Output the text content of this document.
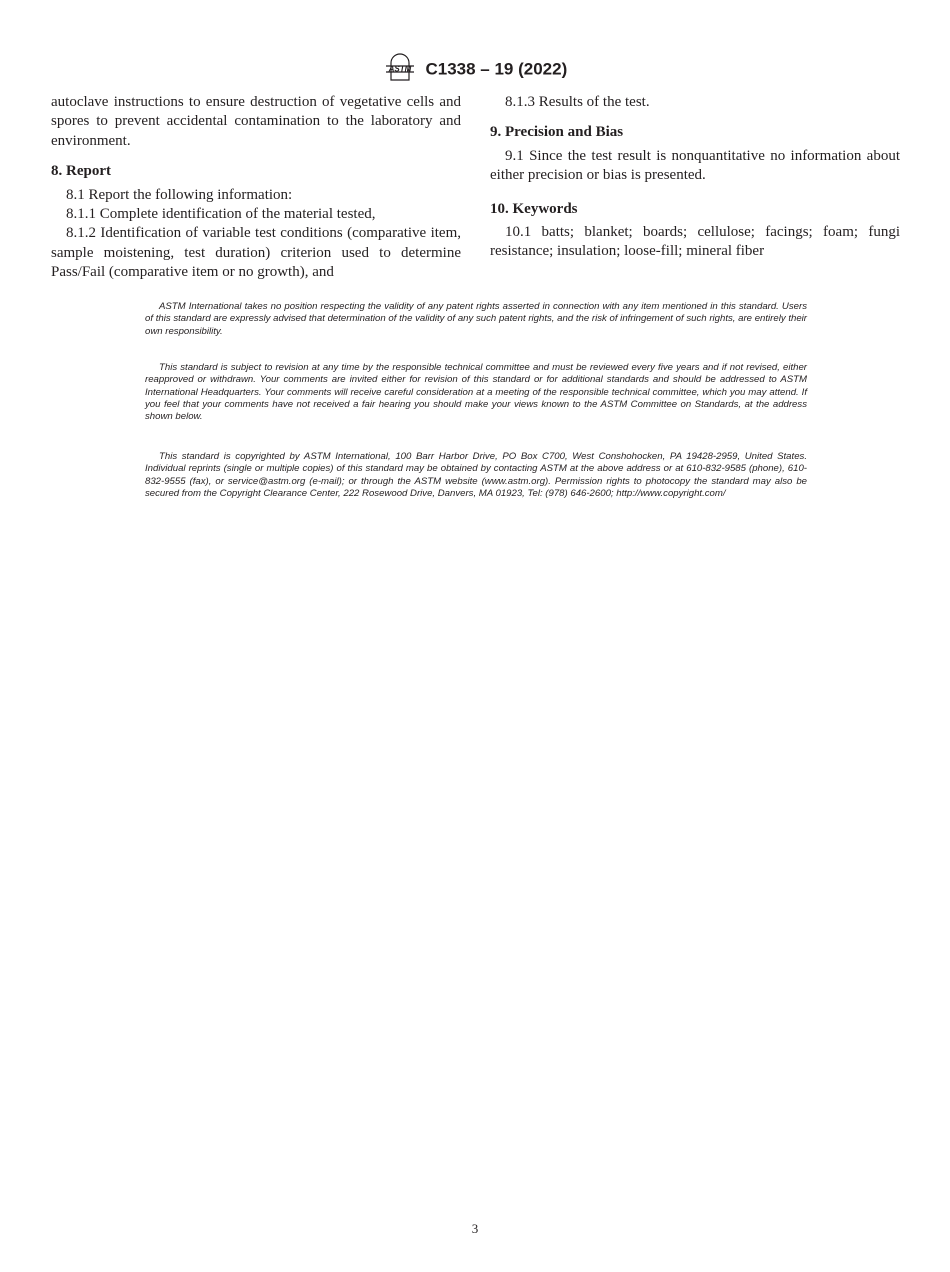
ASTM C1338 – 19 (2022)

autoclave instructions to ensure destruction of vegetative cells and spores to prevent accidental contamination to the laboratory and environment.

8. Report

8.1 Report the following information:

8.1.1 Complete identification of the material tested,

8.1.2 Identification of variable test conditions (comparative item, sample moistening, test duration) criterion used to determine Pass/Fail (comparative item or no growth), and

8.1.3 Results of the test.

9. Precision and Bias

9.1 Since the test result is nonquantitative no information about either precision or bias is presented.

10. Keywords

10.1 batts; blanket; boards; cellulose; facings; foam; fungi resistance; insulation; loose-fill; mineral fiber

ASTM International takes no position respecting the validity of any patent rights asserted in connection with any item mentioned in this standard. Users of this standard are expressly advised that determination of the validity of any such patent rights, and the risk of infringement of such rights, are entirely their own responsibility.
This standard is subject to revision at any time by the responsible technical committee and must be reviewed every five years and if not revised, either reapproved or withdrawn. Your comments are invited either for revision of this standard or for additional standards and should be addressed to ASTM International Headquarters. Your comments will receive careful consideration at a meeting of the responsible technical committee, which you may attend. If you feel that your comments have not received a fair hearing you should make your views known to the ASTM Committee on Standards, at the address shown below.
This standard is copyrighted by ASTM International, 100 Barr Harbor Drive, PO Box C700, West Conshohocken, PA 19428-2959, United States. Individual reprints (single or multiple copies) of this standard may be obtained by contacting ASTM at the above address or at 610-832-9585 (phone), 610-832-9555 (fax), or service@astm.org (e-mail); or through the ASTM website (www.astm.org). Permission rights to photocopy the standard may also be secured from the Copyright Clearance Center, 222 Rosewood Drive, Danvers, MA 01923, Tel: (978) 646-2600; http://www.copyright.com/
3
